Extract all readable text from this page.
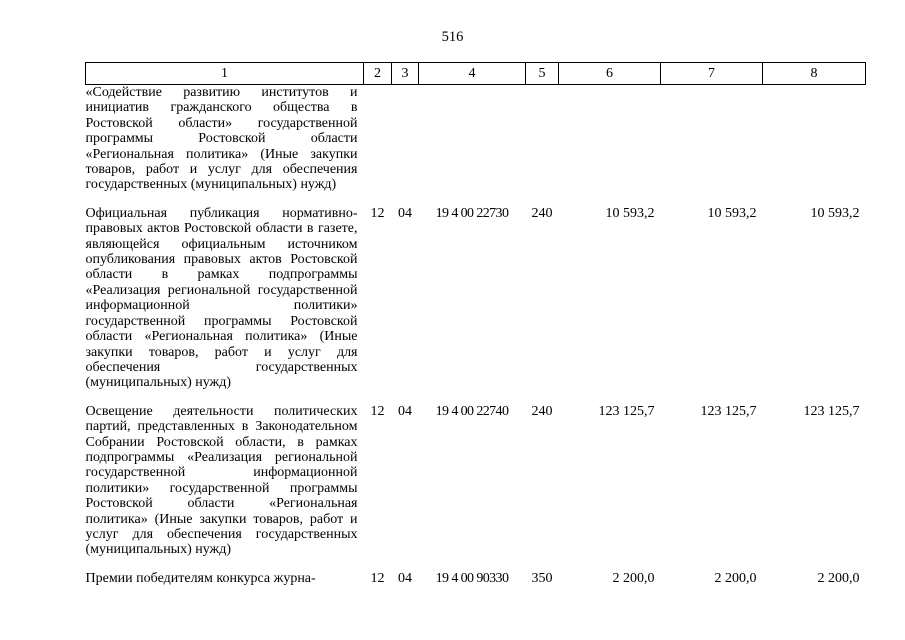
516
1	2	3	4	5	6	7	8
«Содействие развитию институтов и инициатив гражданского общества в Ростовской области» государственной программы Ростовской области «Региональная политика» (Иные закупки товаров, работ и услуг для обеспечения государственных (муниципальных) нужд)							
Официальная публикация нормативно-правовых актов Ростовской области в газете, являющейся официальным источником опубликования правовых актов Ростовской области в рамках подпрограммы «Реализация региональной государственной информационной политики» государственной программы Ростовской области «Региональная политика» (Иные закупки товаров, работ и услуг для обеспечения государственных (муниципальных) нужд)	12	04	19 4 00 22730	240	10 593,2	10 593,2	10 593,2
Освещение деятельности политических партий, представленных в Законодательном Собрании Ростовской области, в рамках подпрограммы «Реализация региональной государственной информационной политики» государственной программы Ростовской области «Региональная политика» (Иные закупки товаров, работ и услуг для обеспечения государственных (муниципальных) нужд)	12	04	19 4 00 22740	240	123 125,7	123 125,7	123 125,7
Премии победителям конкурса журна-	12	04	19 4 00 90330	350	2 200,0	2 200,0	2 200,0
